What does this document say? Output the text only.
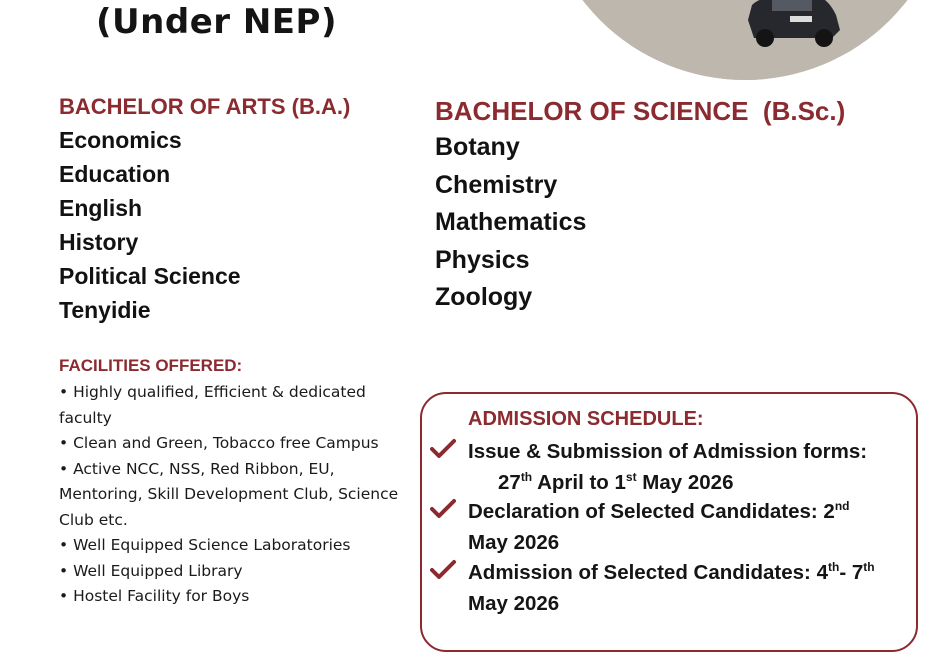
(Under NEP)
BACHELOR OF ARTS (B.A.)
Economics
Education
English
History
Political Science
Tenyidie
BACHELOR OF SCIENCE  (B.Sc.)
Botany
Chemistry
Mathematics
Physics
Zoology
FACILITIES OFFERED:
• Highly qualified, Efficient & dedicated faculty
• Clean and Green, Tobacco free Campus
• Active NCC, NSS, Red Ribbon, EU, Mentoring, Skill Development Club, Science Club etc.
• Well Equipped Science Laboratories
• Well Equipped Library
• Hostel Facility for Boys
ADMISSION SCHEDULE:
Issue & Submission of Admission forms:
27th April to 1st May 2026
Declaration of Selected Candidates: 2nd
May 2026
Admission of Selected Candidates: 4th- 7th
May 2026
